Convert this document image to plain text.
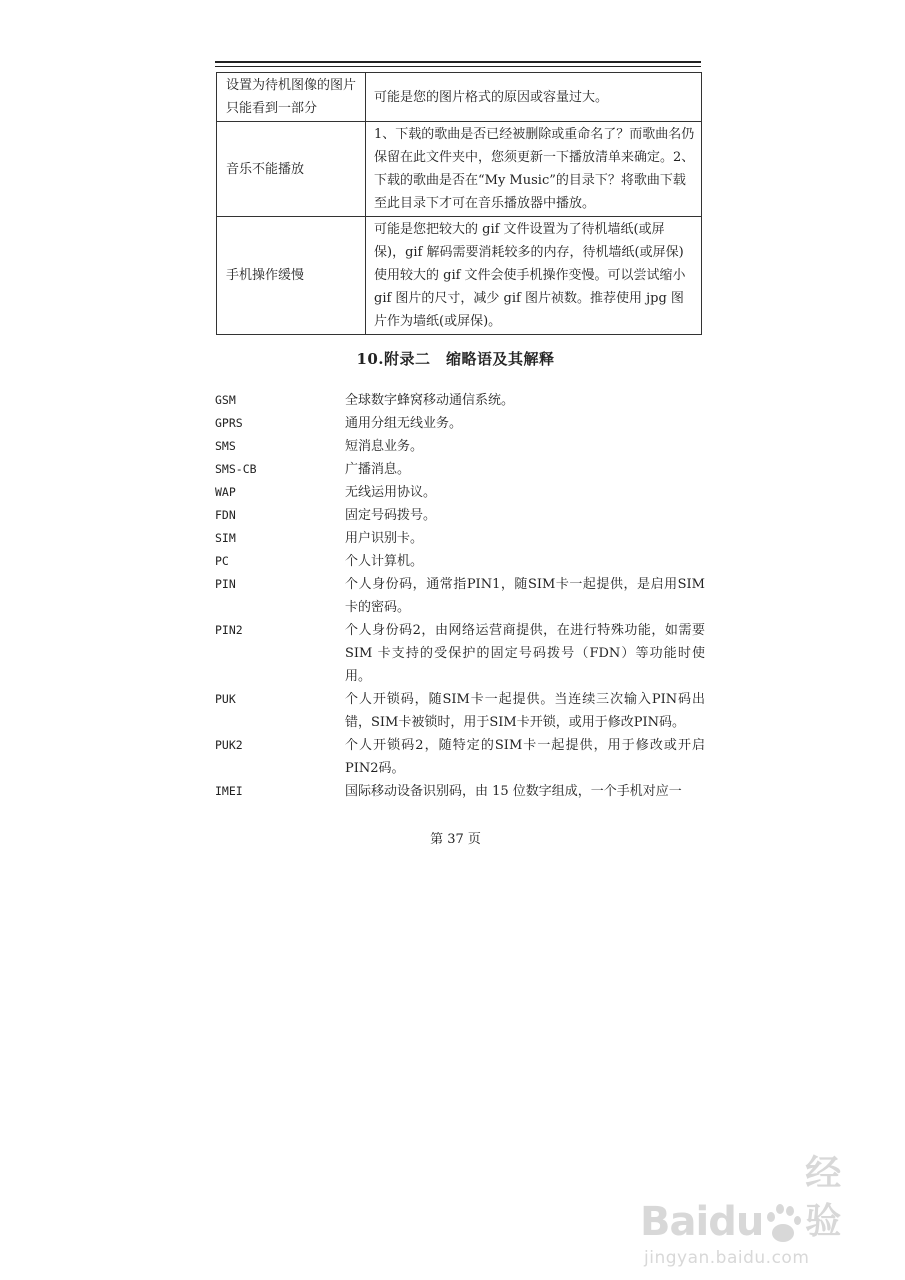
设置为待机图像的图片只能看到一部分	可能是您的图片格式的原因或容量过大。
音乐不能播放	1、下载的歌曲是否已经被删除或重命名了？而歌曲名仍保留在此文件夹中，您须更新一下播放清单来确定。2、下载的歌曲是否在“My Music”的目录下？将歌曲下载至此目录下才可在音乐播放器中播放。
手机操作缓慢	可能是您把较大的 gif 文件设置为了待机墙纸(或屏保)，gif 解码需要消耗较多的内存，待机墙纸(或屏保)使用较大的 gif 文件会使手机操作变慢。可以尝试缩小 gif 图片的尺寸，减少 gif 图片祯数。推荐使用 jpg 图片作为墙纸(或屏保)。
10.附录二　缩略语及其解释
GSM	全球数字蜂窝移动通信系统。
GPRS	通用分组无线业务。
SMS	短消息业务。
SMS-CB	广播消息。
WAP	无线运用协议。
FDN	固定号码拨号。
SIM	用户识别卡。
PC	个人计算机。
PIN	个人身份码，通常指PIN1，随SIM卡一起提供，是启用SIM卡的密码。
PIN2	个人身份码2，由网络运营商提供，在进行特殊功能，如需要 SIM 卡支持的受保护的固定号码拨号（FDN）等功能时使用。
PUK	个人开锁码，随SIM卡一起提供。当连续三次输入PIN码出错，SIM卡被锁时，用于SIM卡开锁，或用于修改PIN码。
PUK2	个人开锁码2，随特定的SIM卡一起提供，用于修改或开启PIN2码。
IMEI	国际移动设备识别码，由 15 位数字组成，一个手机对应一
第 37 页
Baidu
经验
jingyan.baidu.com
